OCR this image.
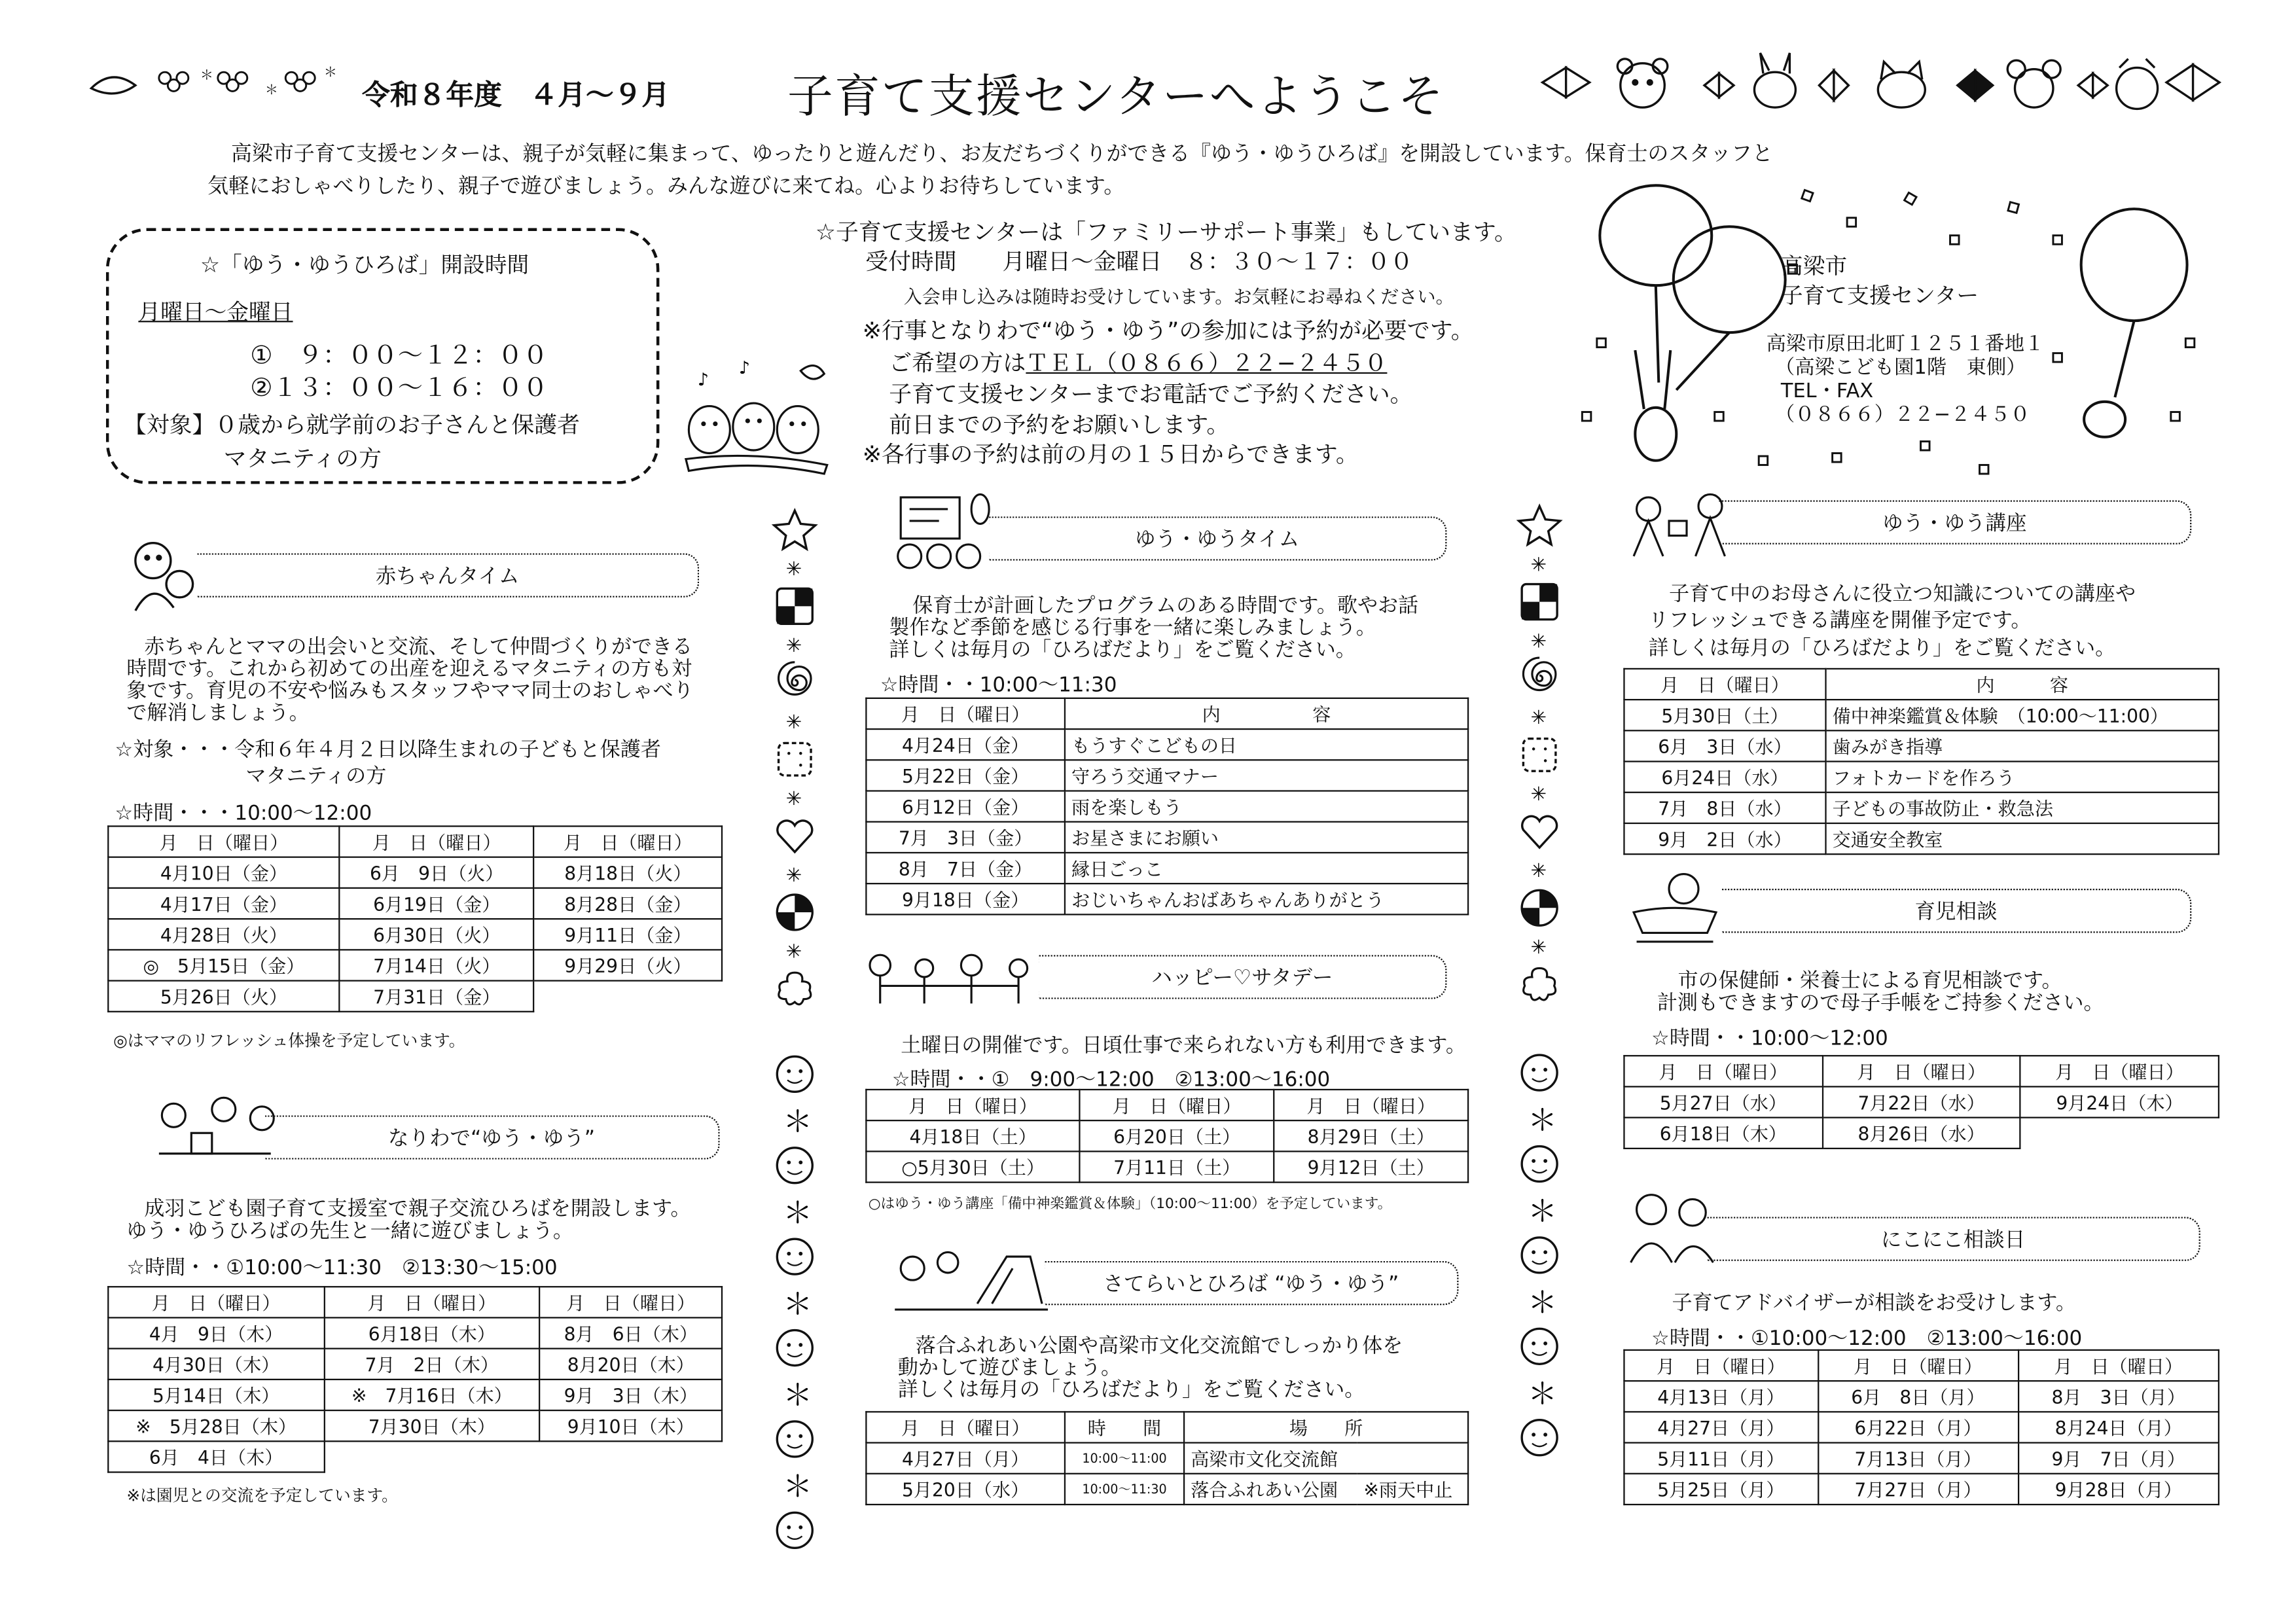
＊
＊
＊
令和８年度　４月～９月	子育て支援センターへようこそ
高梁市子育て支援センターは、親子が気軽に集まって、ゆったりと遊んだり、お友だちづくりができる『ゆう・ゆうひろば』を開設しています。保育士のスタッフと
気軽におしゃべりしたり、親子で遊びましょう。みんな遊びに来てね。心よりお待ちしています。
☆「ゆう・ゆうひろば」開設時間
月曜日～金曜日
①　９：００～１２：００
②１３：００～１６：００
【対象】０歳から就学前のお子さんと保護者
マタニティの方
♪
♪
☆子育て支援センターは「ファミリーサポート事業」もしています。
受付時間　　月曜日～金曜日　８：３０～１７：００
入会申し込みは随時お受けしています。お気軽にお尋ねください。
※行事となりわで“ゆう・ゆう”の参加には予約が必要です。
ご希望の方はＴＥＬ（０８６６）２２−２４５０
子育て支援センターまでお電話でご予約ください。
前日までの予約をお願いします。
※各行事の予約は前の月の１５日からできます。
高梁市
子育て支援センター
高梁市原田北町１２５１番地１
（高梁こども園1階　東側）
TEL・FAX
（０８６６）２２−２４５０
赤ちゃんタイム
赤ちゃんとママの出会いと交流、そして仲間づくりができる
時間です。これから初めての出産を迎えるマタニティの方も対
象です。育児の不安や悩みもスタッフやママ同士のおしゃべり
で解消しましょう。
☆対象・・・令和６年４月２日以降生まれの子どもと保護者
マタニティの方
☆時間・・・10:00～12:00
月　日（曜日）	月　日（曜日）	月　日（曜日）
4月10日（金）	6月　9日（火）	8月18日（火）
4月17日（金）	6月19日（金）	8月28日（金）
4月28日（火）	6月30日（火）	9月11日（金）
◎　5月15日（金）	7月14日（火）	9月29日（火）
5月26日（火）	7月31日（金）	
◎はママのリフレッシュ体操を予定しています。
なりわで“ゆう・ゆう”
成羽こども園子育て支援室で親子交流ひろばを開設します。
ゆう・ゆうひろばの先生と一緒に遊びましょう。
☆時間・・①10:00～11:30　②13:30～15:00
月　日（曜日）	月　日（曜日）	月　日（曜日）
4月　9日（木）	6月18日（木）	8月　6日（木）
4月30日（木）	7月　2日（木）	8月20日（木）
5月14日（木）	※　7月16日（木）	9月　3日（木）
※　5月28日（木）	7月30日（木）	9月10日（木）
6月　4日（木）		
※は園児との交流を予定しています。
✳
✳
✳
✳
✳
✳
＊
＊
＊
＊
＊
ゆう・ゆうタイム
保育士が計画したプログラムのある時間です。歌やお話
製作など季節を感じる行事を一緒に楽しみましょう。
詳しくは毎月の「ひろばだより」をご覧ください。
☆時間・・10:00～11:30
月　日（曜日）	内　　　　　容
4月24日（金）	もうすぐこどもの日
5月22日（金）	守ろう交通マナー
6月12日（金）	雨を楽しもう
7月　3日（金）	お星さまにお願い
8月　7日（金）	縁日ごっこ
9月18日（金）	おじいちゃんおばあちゃんありがとう
ハッピー♡サタデー
土曜日の開催です。日頃仕事で来られない方も利用できます。
☆時間・・①　9:00～12:00　②13:00～16:00
月　日（曜日）	月　日（曜日）	月　日（曜日）
4月18日（土）	6月20日（土）	8月29日（土）
○5月30日（土）	7月11日（土）	9月12日（土）
○はゆう・ゆう講座「備中神楽鑑賞＆体験」（10:00～11:00）を予定しています。
さてらいとひろば “ゆう・ゆう”
落合ふれあい公園や高梁市文化交流館でしっかり体を
動かして遊びましょう。
詳しくは毎月の「ひろばだより」をご覧ください。
月　日（曜日）	時　　間	場　　所	
4月27日（月）	10:00～11:00	高梁市文化交流館	
5月20日（水）	10:00～11:30	落合ふれあい公園	※雨天中止
✳
✳
✳
✳
✳
✳
＊
＊
＊
＊
ゆう・ゆう講座
子育て中のお母さんに役立つ知識についての講座や
リフレッシュできる講座を開催予定です。
詳しくは毎月の「ひろばだより」をご覧ください。
月　日（曜日）	内　　　容
5月30日（土）	備中神楽鑑賞＆体験　（10:00～11:00）
6月　3日（水）	歯みがき指導
6月24日（水）	フォトカードを作ろう
7月　8日（水）	子どもの事故防止・救急法
9月　2日（水）	交通安全教室
育児相談
市の保健師・栄養士による育児相談です。
計測もできますので母子手帳をご持参ください。
☆時間・・10:00～12:00
月　日（曜日）	月　日（曜日）	月　日（曜日）
5月27日（水）	7月22日（水）	9月24日（木）
6月18日（木）	8月26日（水）	
にこにこ相談日
子育てアドバイザーが相談をお受けします。
☆時間・・①10:00～12:00　②13:00～16:00
月　日（曜日）	月　日（曜日）	月　日（曜日）
4月13日（月）	6月　8日（月）	8月　3日（月）
4月27日（月）	6月22日（月）	8月24日（月）
5月11日（月）	7月13日（月）	9月　7日（月）
5月25日（月）	7月27日（月）	9月28日（月）
